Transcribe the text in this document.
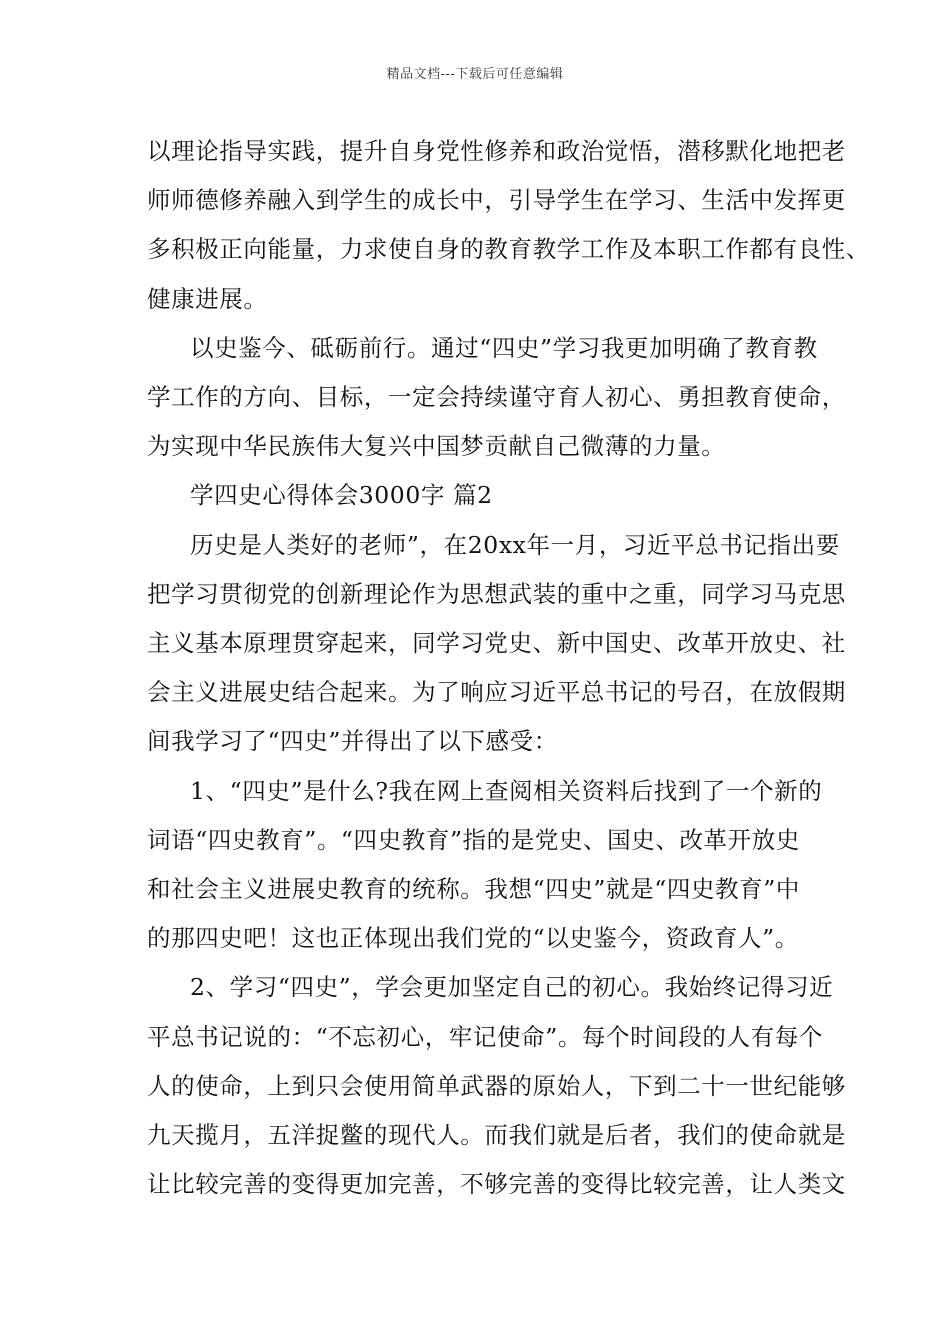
精品文档---下载后可任意编辑
以理论指导实践，提升自身党性修养和政治觉悟，潜移默化地把老
师师德修养融入到学生的成长中，引导学生在学习、生活中发挥更
多积极正向能量，力求使自身的教育教学工作及本职工作都有良性、
健康进展。
以史鉴今、砥砺前行。通过“四史”学习我更加明确了教育教
学工作的方向、目标，一定会持续谨守育人初心、勇担教育使命，
为实现中华民族伟大复兴中国梦贡献自己微薄的力量。
学四史心得体会3000字 篇2
历史是人类好的老师”，在20xx年一月，习近平总书记指出要
把学习贯彻党的创新理论作为思想武装的重中之重，同学习马克思
主义基本原理贯穿起来，同学习党史、新中国史、改革开放史、社
会主义进展史结合起来。为了响应习近平总书记的号召，在放假期
间我学习了“四史”并得出了以下感受：
1、“四史”是什么?我在网上查阅相关资料后找到了一个新的
词语“四史教育”。“四史教育”指的是党史、国史、改革开放史
和社会主义进展史教育的统称。我想“四史”就是“四史教育”中
的那四史吧！这也正体现出我们党的“以史鉴今，资政育人”。
2、学习“四史”，学会更加坚定自己的初心。我始终记得习近
平总书记说的：“不忘初心，牢记使命”。每个时间段的人有每个
人的使命，上到只会使用简单武器的原始人，下到二十一世纪能够
九天揽月，五洋捉鳖的现代人。而我们就是后者，我们的使命就是
让比较完善的变得更加完善，不够完善的变得比较完善，让人类文
